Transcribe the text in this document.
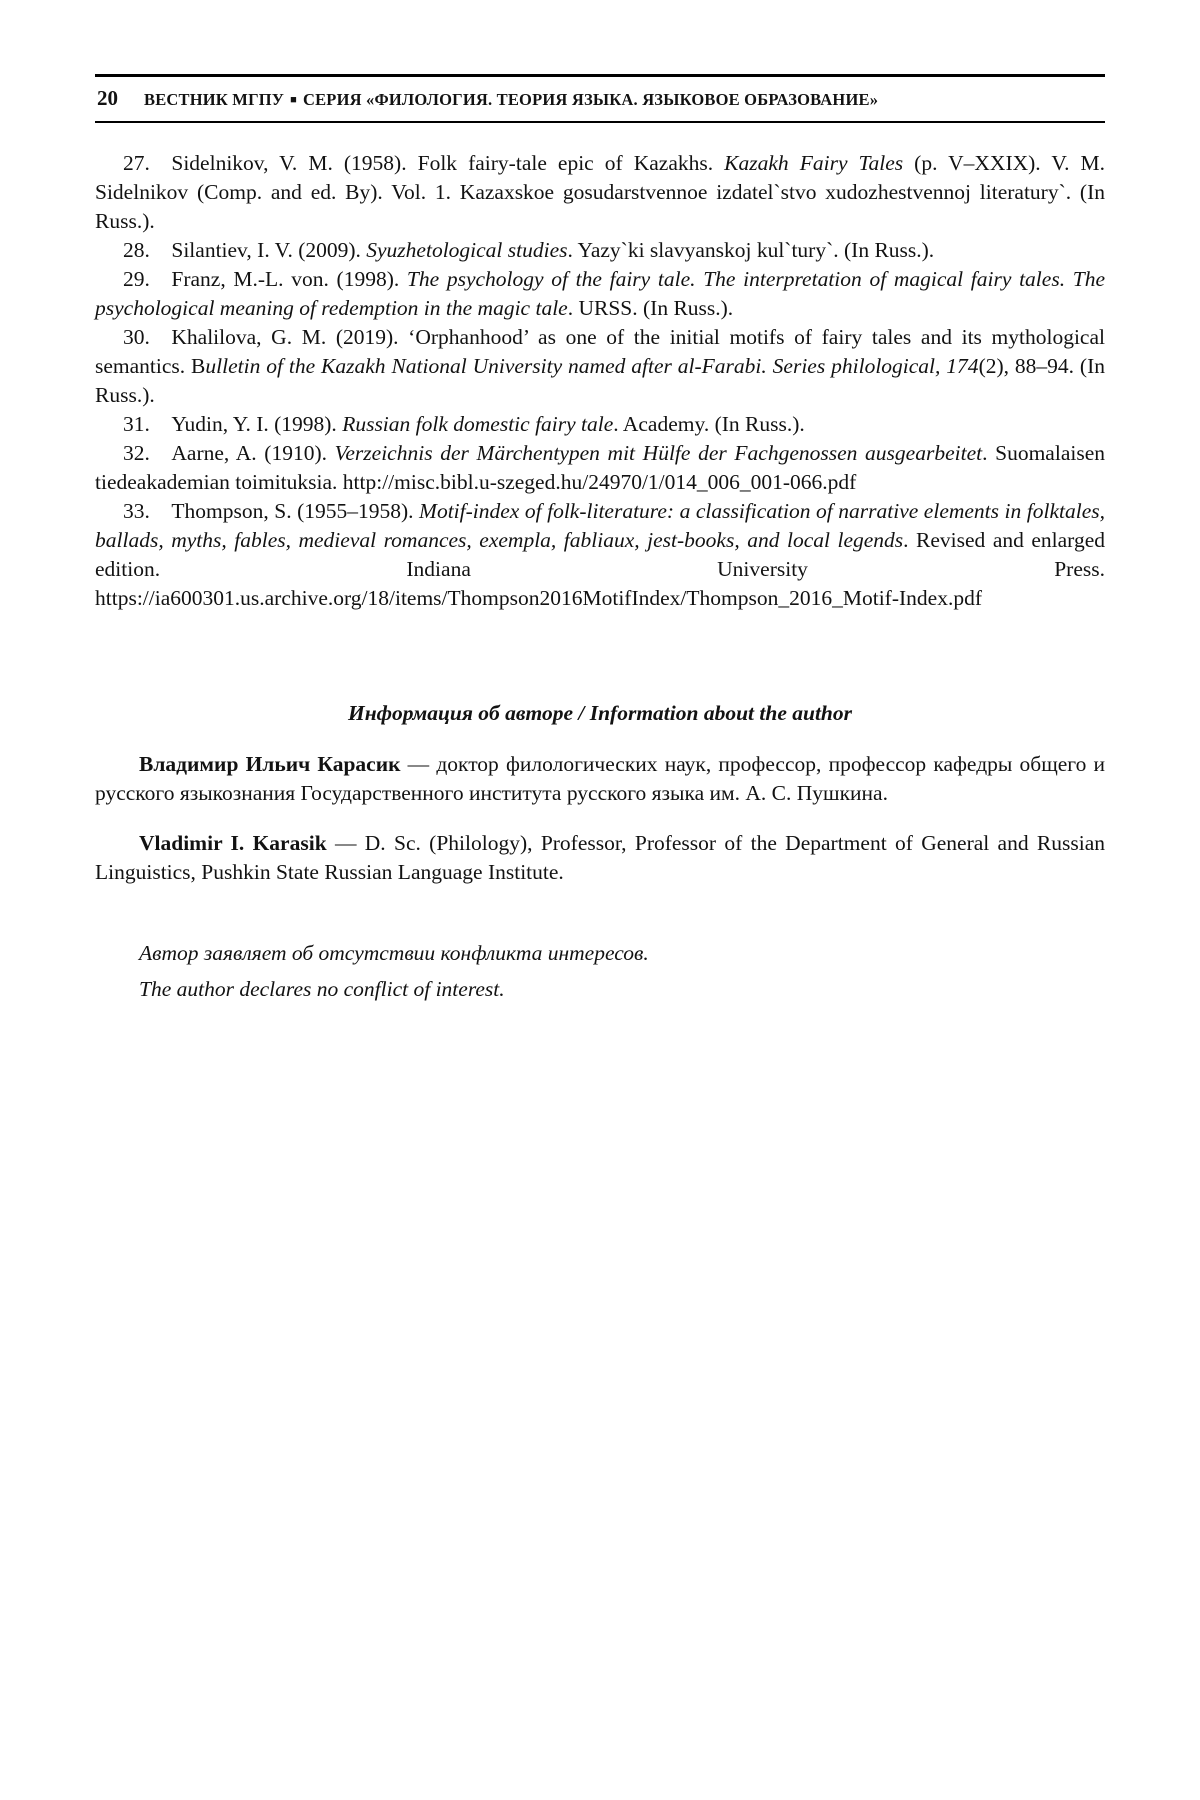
20 ВЕСТНИК МГПУ ■ СЕРИЯ «ФИЛОЛОГИЯ. ТЕОРИЯ ЯЗЫКА. ЯЗЫКОВОЕ ОБРАЗОВАНИЕ»

27.  Sidelnikov, V. M. (1958). Folk fairy-tale epic of Kazakhs. Kazakh Fairy Tales (p. V–XXIX). V. M. Sidelnikov (Comp. and ed. By). Vol. 1. Kazaxskoe gosudarstvennoe izdatel`stvo xudozhestvennoj literatury`. (In Russ.).

28.  Silantiev, I. V. (2009). Syuzhetological studies. Yazy`ki slavyanskoj kul`tury`. (In Russ.).

29.  Franz, M.-L. von. (1998). The psychology of the fairy tale. The interpretation of magical fairy tales. The psychological meaning of redemption in the magic tale. URSS. (In Russ.).

30.  Khalilova, G. M. (2019). ‘Orphanhood’ as one of the initial motifs of fairy tales and its mythological semantics. Bulletin of the Kazakh National University named after al-Farabi. Series philological, 174(2), 88–94. (In Russ.).

31.  Yudin, Y. I. (1998). Russian folk domestic fairy tale. Academy. (In Russ.).

32.  Aarne, A. (1910). Verzeichnis der Märchentypen mit Hülfe der Fachgenossen ausgearbeitet. Suomalaisen tiedeakademian toimituksia. http://misc.bibl.u-szeged.hu/24970/1/014_006_001-066.pdf

33.  Thompson, S. (1955–1958). Motif-index of folk-literature: a classification of narrative elements in folktales, ballads, myths, fables, medieval romances, exempla, fabliaux, jest-books, and local legends. Revised and enlarged edition. Indiana University Press. https://ia600301.us.archive.org/18/items/Thompson2016MotifIndex/Thompson_2016_Motif-Index.pdf

Информация об авторе / Information about the author

Владимир Ильич Карасик — доктор филологических наук, профессор, профессор кафедры общего и русского языкознания Государственного института русского языка им. А. С. Пушкина.

Vladimir I. Karasik — D. Sc. (Philology), Professor, Professor of the Department of General and Russian Linguistics, Pushkin State Russian Language Institute.

Автор заявляет об отсутствии конфликта интересов.

The author declares no conflict of interest.
